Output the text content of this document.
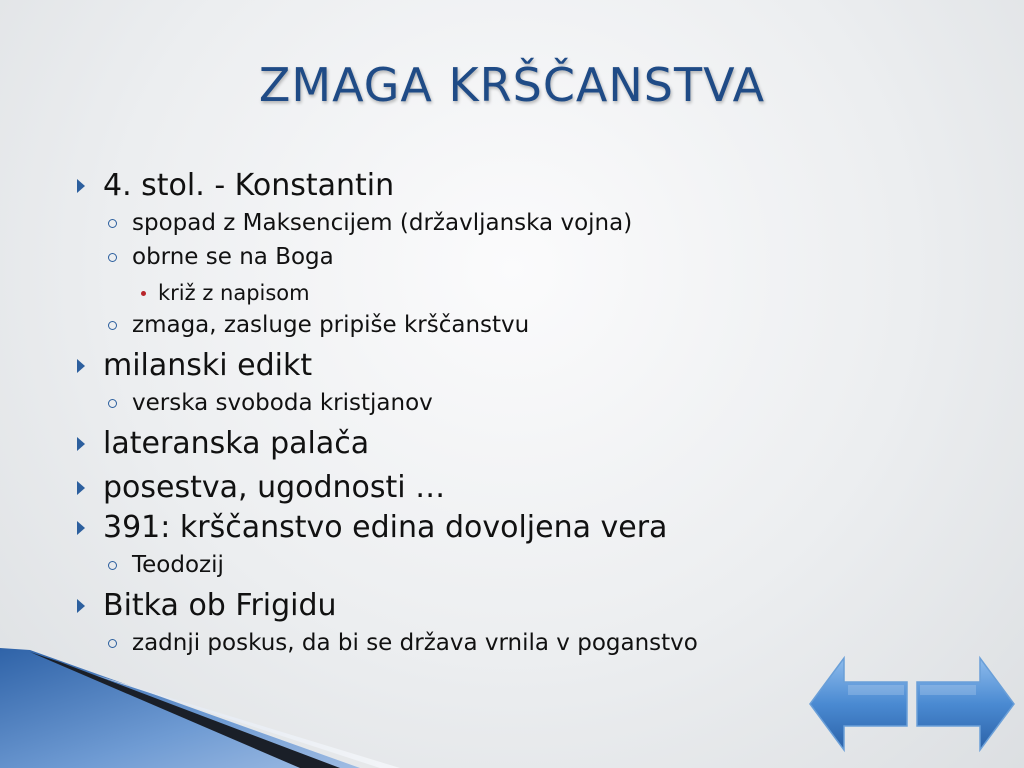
ZMAGA KRŠČANSTVA
4. stol. - Konstantin
spopad z Maksencijem (državljanska vojna)
obrne se na Boga
križ z napisom
zmaga, zasluge pripiše krščanstvu
milanski edikt
verska svoboda kristjanov
lateranska palača
posestva, ugodnosti …
391: krščanstvo edina dovoljena vera
Teodozij
Bitka ob Frigidu
zadnji poskus, da bi se država vrnila v poganstvo
